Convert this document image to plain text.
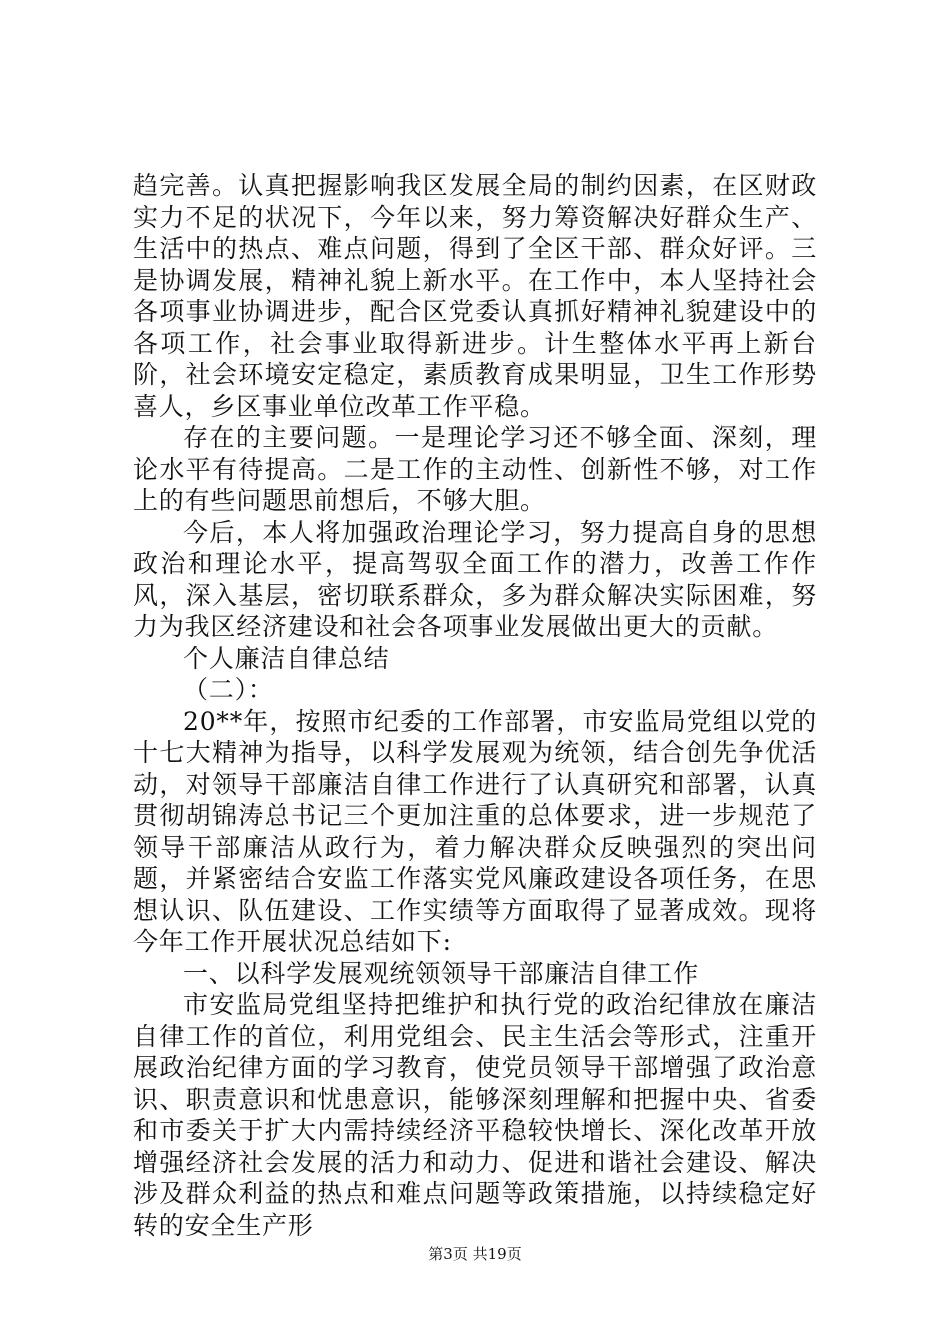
趋完善。认真把握影响我区发展全局的制约因素，在区财政实力不足的状况下，今年以来，努力筹资解决好群众生产、生活中的热点、难点问题，得到了全区干部、群众好评。三是协调发展，精神礼貌上新水平。在工作中，本人坚持社会各项事业协调进步，配合区党委认真抓好精神礼貌建设中的各项工作，社会事业取得新进步。计生整体水平再上新台阶，社会环境安定稳定，素质教育成果明显，卫生工作形势喜人，乡区事业单位改革工作平稳。

存在的主要问题。一是理论学习还不够全面、深刻，理论水平有待提高。二是工作的主动性、创新性不够，对工作上的有些问题思前想后，不够大胆。

今后，本人将加强政治理论学习，努力提高自身的思想政治和理论水平，提高驾驭全面工作的潜力，改善工作作风，深入基层，密切联系群众，多为群众解决实际困难，努力为我区经济建设和社会各项事业发展做出更大的贡献。

个人廉洁自律总结

（二）：

20**年，按照市纪委的工作部署，市安监局党组以党的十七大精神为指导，以科学发展观为统领，结合创先争优活动，对领导干部廉洁自律工作进行了认真研究和部署，认真贯彻胡锦涛总书记三个更加注重的总体要求，进一步规范了领导干部廉洁从政行为，着力解决群众反映强烈的突出问题，并紧密结合安监工作落实党风廉政建设各项任务，在思想认识、队伍建设、工作实绩等方面取得了显著成效。现将今年工作开展状况总结如下:

一、以科学发展观统领领导干部廉洁自律工作

市安监局党组坚持把维护和执行党的政治纪律放在廉洁自律工作的首位，利用党组会、民主生活会等形式，注重开展政治纪律方面的学习教育，使党员领导干部增强了政治意识、职责意识和忧患意识，能够深刻理解和把握中央、省委和市委关于扩大内需持续经济平稳较快增长、深化改革开放增强经济社会发展的活力和动力、促进和谐社会建设、解决涉及群众利益的热点和难点问题等政策措施，以持续稳定好转的安全生产形

第3页 共19页
